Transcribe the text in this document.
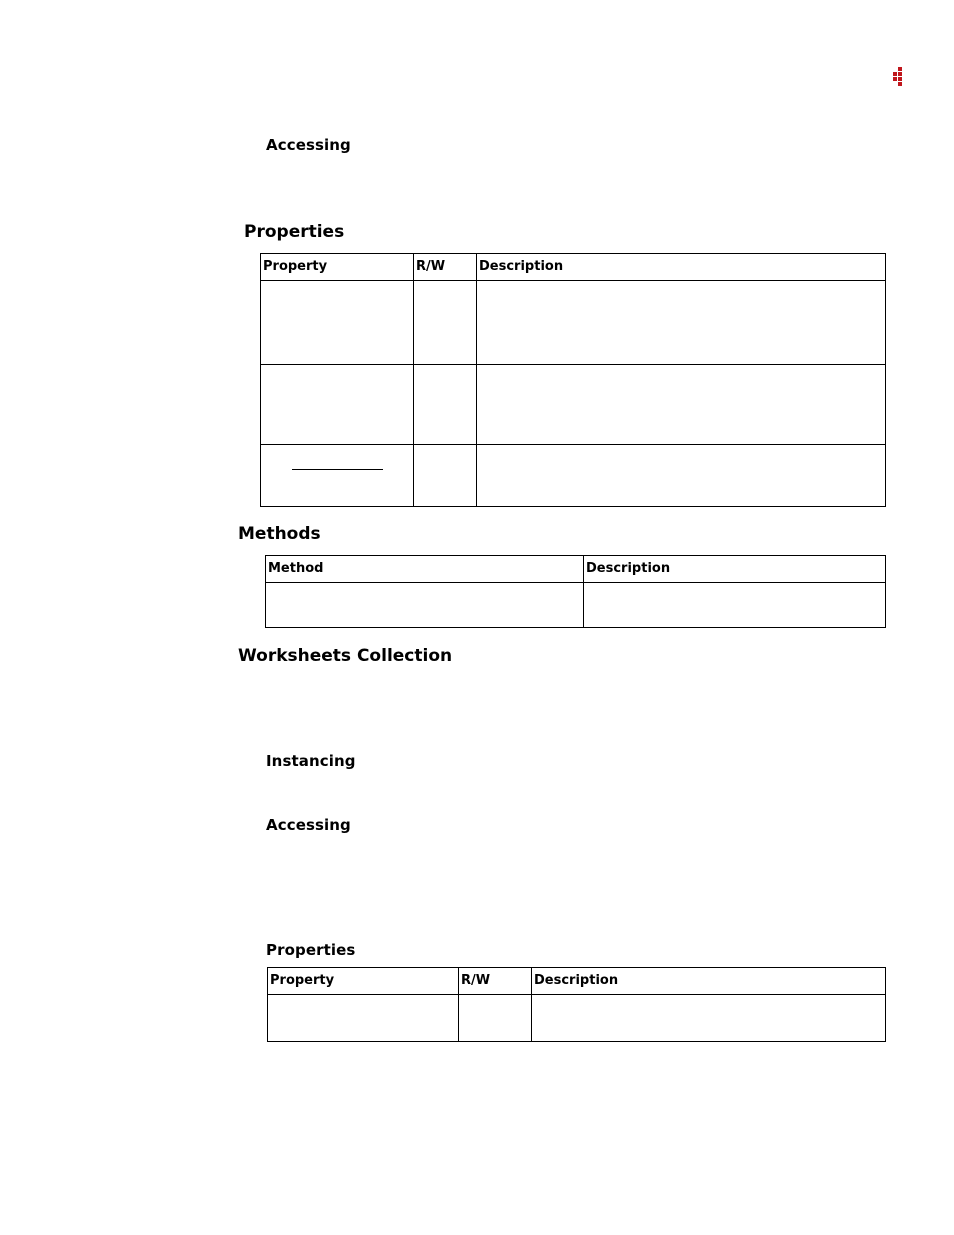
Accessing
Properties
Property	R/W	Description

Methods
Method	Description

Worksheets Collection
Instancing
Accessing
Properties
Property	R/W	Description
